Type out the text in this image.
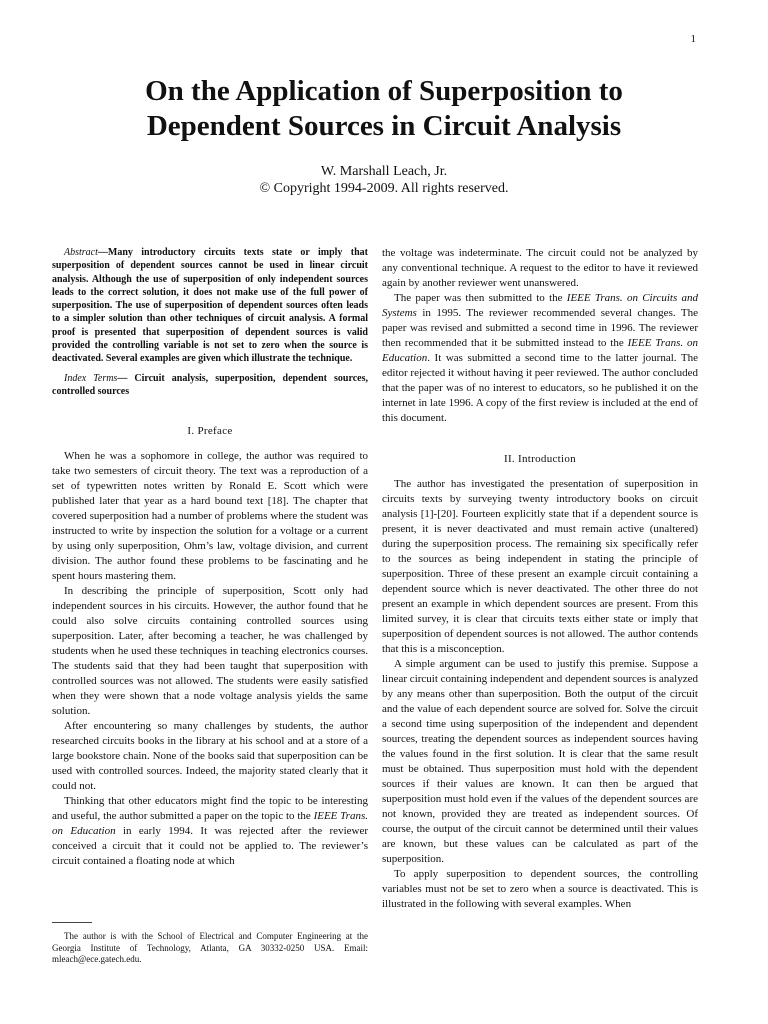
1
On the Application of Superposition to
Dependent Sources in Circuit Analysis
W. Marshall Leach, Jr.
© Copyright 1994-2009. All rights reserved.

Abstract—Many introductory circuits texts state or imply that superposition of dependent sources cannot be used in linear circuit analysis. Although the use of superposition of only independent sources leads to the correct solution, it does not make use of the full power of superposition. The use of superposition of dependent sources often leads to a simpler solution than other techniques of circuit analysis. A formal proof is presented that superposition of dependent sources is valid provided the controlling variable is not set to zero when the source is deactivated. Several examples are given which illustrate the technique.

Index Terms— Circuit analysis, superposition, dependent sources, controlled sources

I. Preface

When he was a sophomore in college, the author was required to take two semesters of circuit theory. The text was a reproduction of a set of typewritten notes written by Ronald E. Scott which were published later that year as a hard bound text [18]. The chapter that covered superposition had a number of problems where the student was instructed to write by inspection the solution for a voltage or a current by using only superposition, Ohm’s law, voltage division, and current division. The author found these problems to be fascinating and he spent hours mastering them.

In describing the principle of superposition, Scott only had independent sources in his circuits. However, the author found that he could also solve circuits containing controlled sources using superposition. Later, after becoming a teacher, he was challenged by students when he used these techniques in teaching electronics courses. The students said that they had been taught that superposition with controlled sources was not allowed. The students were easily satisfied when they were shown that a node voltage analysis yields the same solution.

After encountering so many challenges by students, the author researched circuits books in the library at his school and at a store of a large bookstore chain. None of the books said that superposition can be used with controlled sources. Indeed, the majority stated clearly that it could not.

Thinking that other educators might find the topic to be interesting and useful, the author submitted a paper on the topic to the IEEE Trans. on Education in early 1994. It was rejected after the reviewer conceived a circuit that it could not be applied to. The reviewer’s circuit contained a floating node at which

The author is with the School of Electrical and Computer Engineering at the Georgia Institute of Technology, Atlanta, GA 30332-0250 USA. Email: mleach@ece.gatech.edu.

the voltage was indeterminate. The circuit could not be analyzed by any conventional technique. A request to the editor to have it reviewed again by another reviewer went unanswered.

The paper was then submitted to the IEEE Trans. on Circuits and Systems in 1995. The reviewer recommended several changes. The paper was revised and submitted a second time in 1996. The reviewer then recommended that it be submitted instead to the IEEE Trans. on Education. It was submitted a second time to the latter journal. The editor rejected it without having it peer reviewed. The author concluded that the paper was of no interest to educators, so he published it on the internet in late 1996. A copy of the first review is included at the end of this document.

II. Introduction

The author has investigated the presentation of superposition in circuits texts by surveying twenty introductory books on circuit analysis [1]-[20]. Fourteen explicitly state that if a dependent source is present, it is never deactivated and must remain active (unaltered) during the superposition process. The remaining six specifically refer to the sources as being independent in stating the principle of superposition. Three of these present an example circuit containing a dependent source which is never deactivated. The other three do not present an example in which dependent sources are present. From this limited survey, it is clear that circuits texts either state or imply that superposition of dependent sources is not allowed. The author contends that this is a misconception.

A simple argument can be used to justify this premise. Suppose a linear circuit containing independent and dependent sources is analyzed by any means other than superposition. Both the output of the circuit and the value of each dependent source are solved for. Solve the circuit a second time using superposition of the independent and dependent sources, treating the dependent sources as independent sources having the values found in the first solution. It is clear that the same result must be obtained. Thus superposition must hold with the dependent sources if their values are known. It can then be argued that superposition must hold even if the values of the dependent sources are not known, provided they are treated as independent sources. Of course, the output of the circuit cannot be determined until their values are known, but these values can be calculated as part of the superposition.

To apply superposition to dependent sources, the controlling variables must not be set to zero when a source is deactivated. This is illustrated in the following with several examples. When
